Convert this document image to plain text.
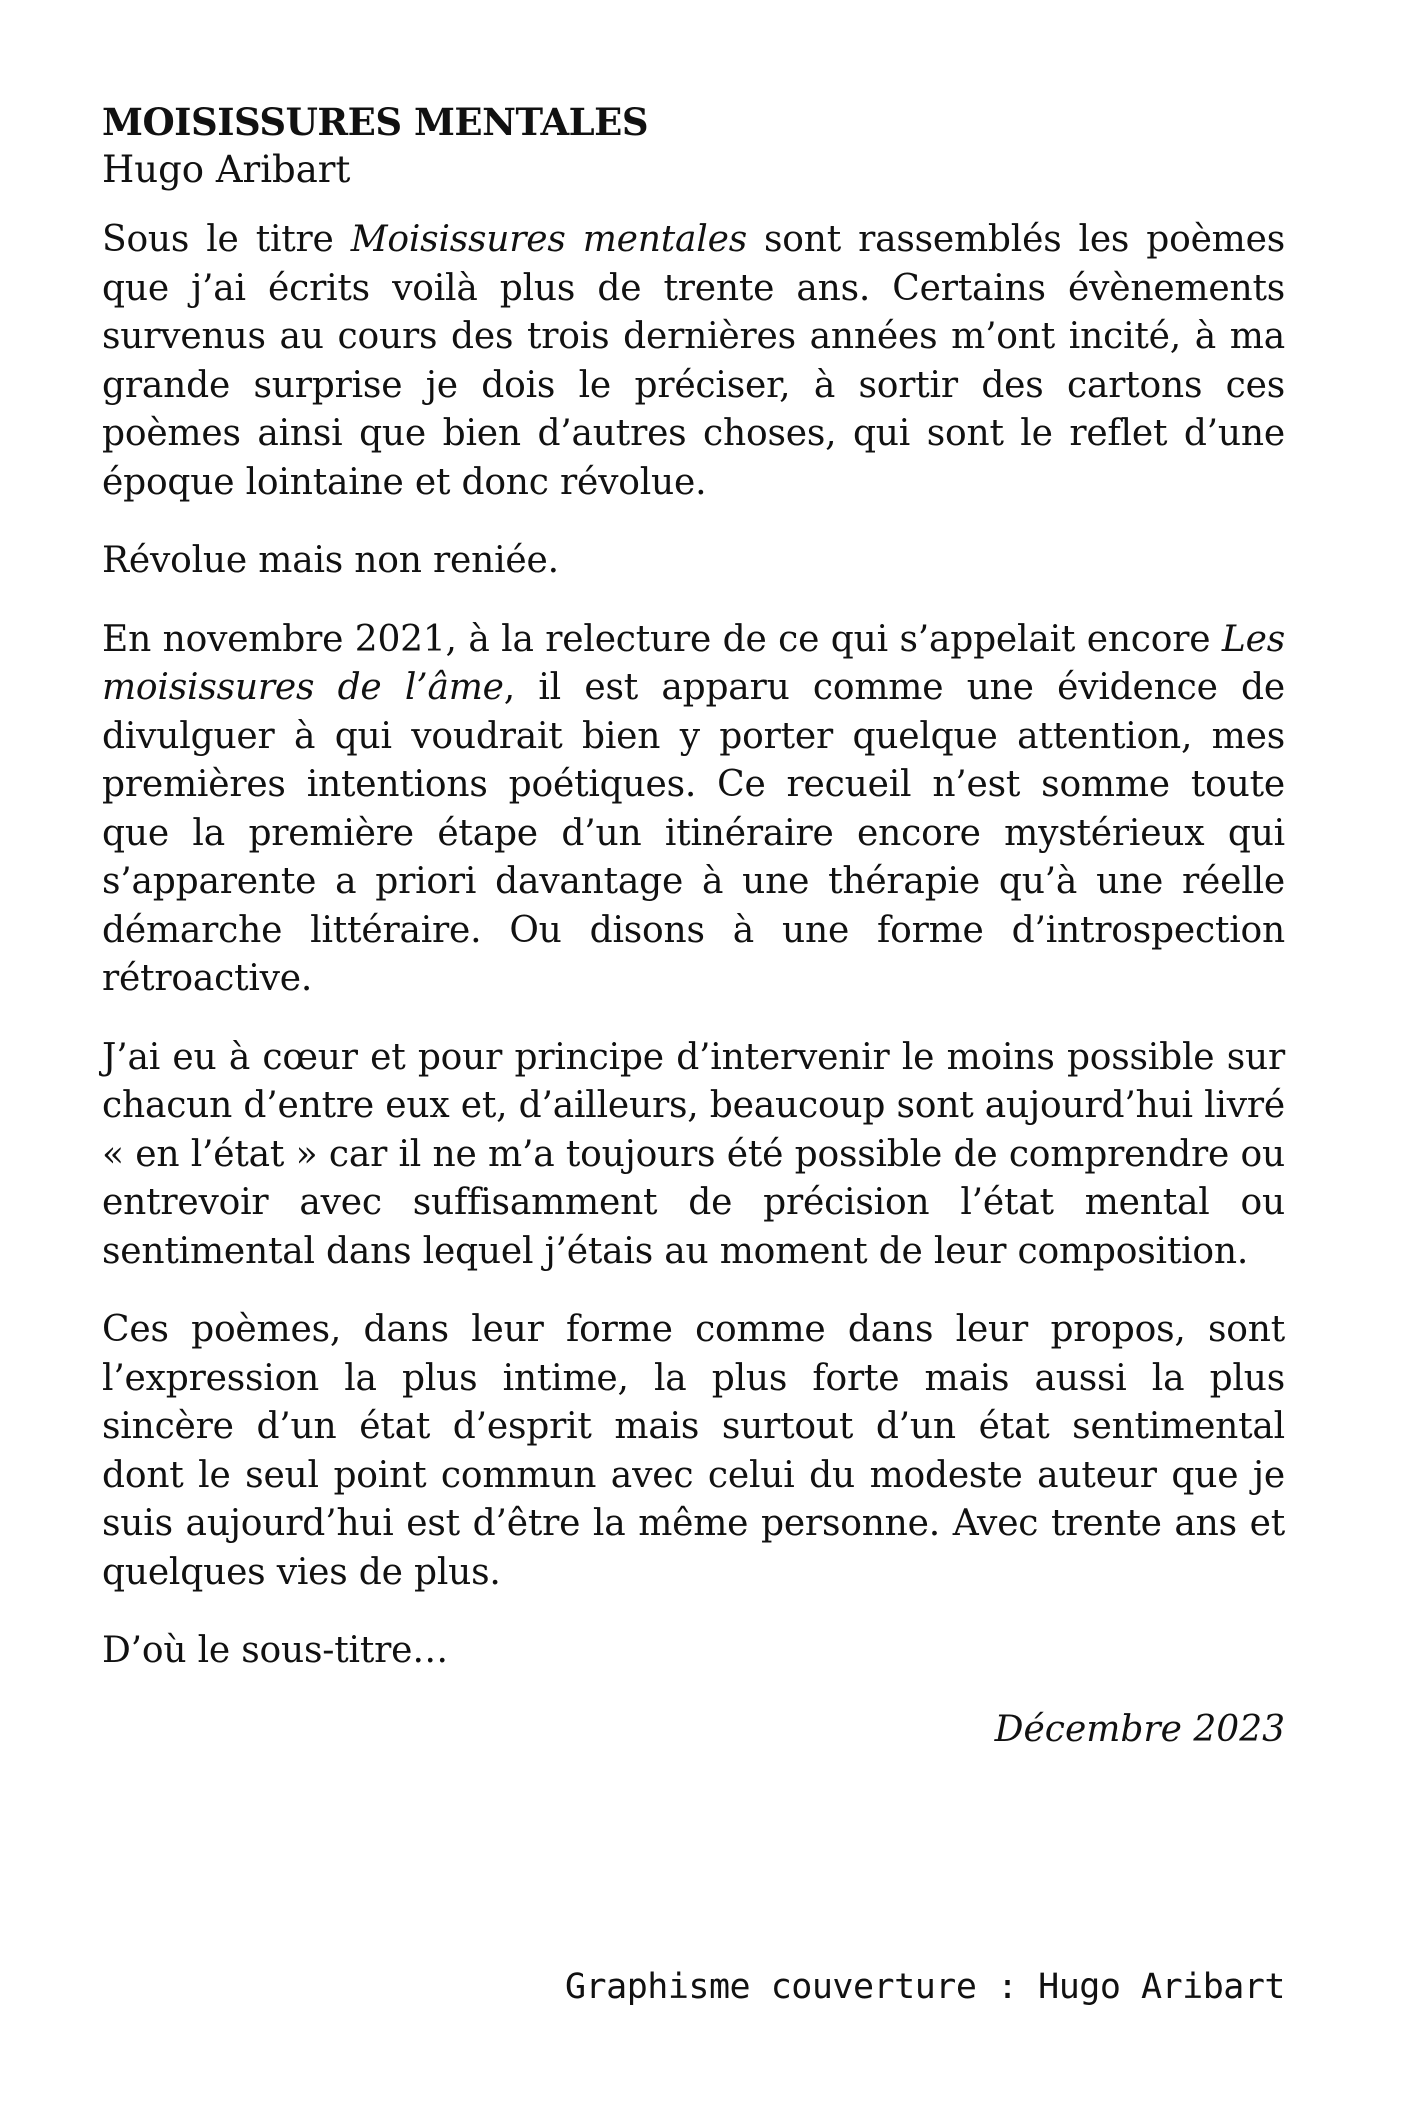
MOISISSURES MENTALES

Hugo Aribart

Sous le titre Moisissures mentales sont rassemblés les poèmes que j’ai écrits voilà plus de trente ans. Certains évènements survenus au cours des trois dernières années m’ont incité, à ma grande surprise je dois le préciser, à sortir des cartons ces poèmes ainsi que bien d’autres choses, qui sont le reflet d’une époque lointaine et donc révolue.

Révolue mais non reniée.

En novembre 2021, à la relecture de ce qui s’appelait encore Les moisissures de l’âme, il est apparu comme une évidence de divulguer à qui voudrait bien y porter quelque attention, mes premières intentions poétiques. Ce recueil n’est somme toute que la première étape d’un itinéraire encore mystérieux qui s’apparente a priori davantage à une thérapie qu’à une réelle démarche littéraire. Ou disons à une forme d’introspection rétroactive.

J’ai eu à cœur et pour principe d’intervenir le moins possible sur chacun d’entre eux et, d’ailleurs, beaucoup sont aujourd’hui livré « en l’état » car il ne m’a toujours été possible de comprendre ou entrevoir avec suffisamment de précision l’état mental ou sentimental dans lequel j’étais au moment de leur composition.

Ces poèmes, dans leur forme comme dans leur propos, sont l’expression la plus intime, la plus forte mais aussi la plus sincère d’un état d’esprit mais surtout d’un état sentimental dont le seul point commun avec celui du modeste auteur que je suis aujourd’hui est d’être la même personne. Avec trente ans et quelques vies de plus.

D’où le sous-titre…

Décembre 2023

Graphisme couverture : Hugo Aribart
